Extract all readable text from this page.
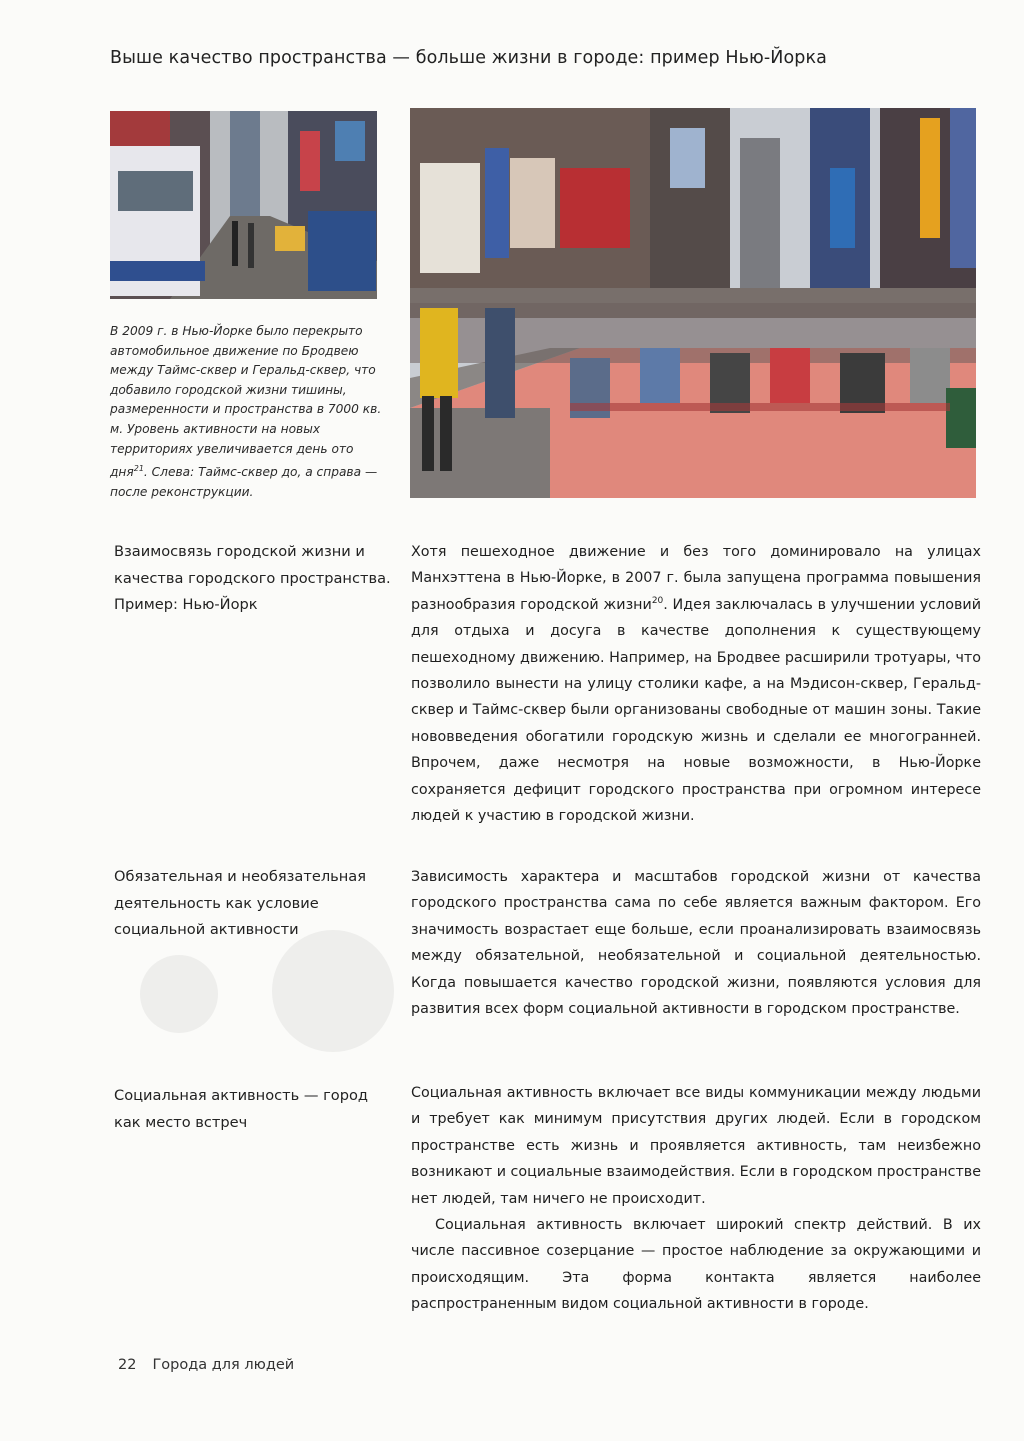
Выше качество пространства — больше жизни в городе: пример Нью-Йорка
В 2009 г. в Нью-Йорке было перекрыто автомобильное движение по Бродвею между Таймс-сквер и Геральд-сквер, что добавило городской жизни тишины, размеренности и пространства в 7000 кв. м. Уровень активности на новых территориях увеличивается день ото дня$^{21}$. Слева: Таймс-сквер до, а справа — после реконструкции.
Взаимосвязь городской жизни и качества городского пространства. Пример: Нью-Йорк

Хотя пешеходное движение и без того доминировало на улицах Манхэттена в Нью-Йорке, в 2007 г. была запущена программа повышения разнообразия городской жизни$^{20}$. Идея заключалась в улучшении условий для отдыха и досуга в качестве дополнения к существующему пешеходному движению. Например, на Бродвее расширили тротуары, что позволило вынести на улицу столики кафе, а на Мэдисон-сквер, Геральд-сквер и Таймс-сквер были организованы свободные от машин зоны. Такие нововведения обогатили городскую жизнь и сделали ее многогранней. Впрочем, даже несмотря на новые возможности, в Нью-Йорке сохраняется дефицит городского пространства при огромном интересе людей к участию в городской жизни.

Обязательная и необязательная деятельность как условие социальной активности

Зависимость характера и масштабов городской жизни от качества городского пространства сама по себе является важным фактором. Его значимость возрастает еще больше, если проанализировать взаимосвязь между обязательной, необязательной и социальной деятельностью. Когда повышается качество городской жизни, появляются условия для развития всех форм социальной активности в городском пространстве.

Социальная активность — город как место встреч

Социальная активность включает все виды коммуникации между людьми и требует как минимум присутствия других людей. Если в городском пространстве есть жизнь и проявляется активность, там неизбежно возникают и социальные взаимодействия. Если в городском пространстве нет людей, там ничего не происходит.

Социальная активность включает широкий спектр действий. В их числе пассивное созерцание — простое наблюдение за окружающими и происходящим. Эта форма контакта является наиболее распространенным видом социальной активности в городе.

22 Города для людей
